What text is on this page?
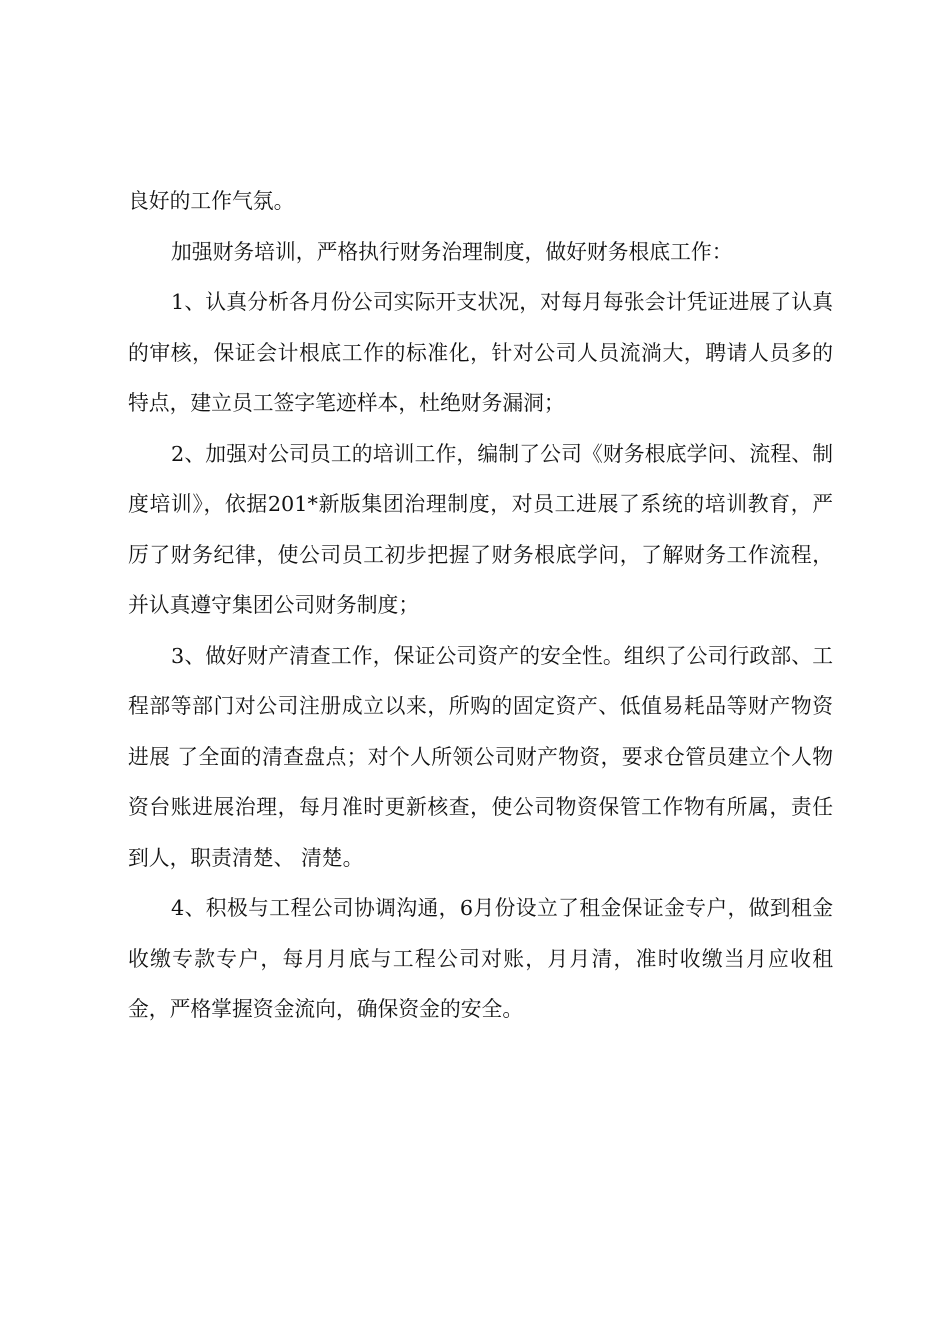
良好的工作气氛。

加强财务培训，严格执行财务治理制度，做好财务根底工作：

1、认真分析各月份公司实际开支状况，对每月每张会计凭证进展了认真的审核，保证会计根底工作的标准化，针对公司人员流淌大，聘请人员多的特点，建立员工签字笔迹样本，杜绝财务漏洞；

2、加强对公司员工的培训工作，编制了公司《财务根底学问、流程、制度培训》，依据201*新版集团治理制度，对员工进展了系统的培训教育，严厉了财务纪律，使公司员工初步把握了财务根底学问，了解财务工作流程，并认真遵守集团公司财务制度；

3、做好财产清查工作，保证公司资产的安全性。组织了公司行政部、工程部等部门对公司注册成立以来，所购的固定资产、低值易耗品等财产物资进展 了全面的清查盘点；对个人所领公司财产物资，要求仓管员建立个人物资台账进展治理，每月准时更新核查，使公司物资保管工作物有所属，责任到人，职责清楚、 清楚。

4、积极与工程公司协调沟通，6月份设立了租金保证金专户，做到租金收缴专款专户，每月月底与工程公司对账，月月清，准时收缴当月应收租金，严格掌握资金流向，确保资金的安全。
